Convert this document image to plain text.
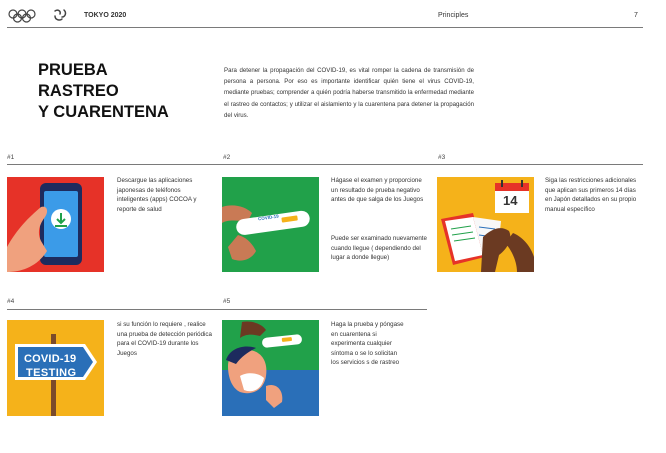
TOKYO 2020	Principles	7
PRUEBA
RASTREO
Y CUARENTENA
Para detener la propagación del COVID-19, es vital romper la cadena de transmisión de persona a persona. Por eso es importante identificar quién tiene el virus COVID-19, mediante pruebas; comprender a quién podría haberse transmitido la enfermedad mediante el rastreo de contactos; y utilizar el aislamiento y la cuarentena para detener la propagación del virus.
#1	#2	#3
Descargue las aplicaciones japonesas de teléfonos inteligentes (apps) COCOA y reporte de salud
COVID-19
Hágase el examen y proporcione un resultado de prueba negativo antes de que salga de los Juegos
Puede ser examinado nuevamente cuando llegue ( dependiendo del lugar a donde llegue)
14
Siga las restricciones adicionales que aplican sus primeros 14 días en Japón detallados en su propio manual específico
#4	#5
COVID-19
TESTING
si su función lo requiere , realice una prueba de detección periódica para el COVID-19 durante los Juegos
Haga la prueba y póngase en cuarentena si experimenta cualquier síntoma o se lo solicitan los servicios s de rastreo
